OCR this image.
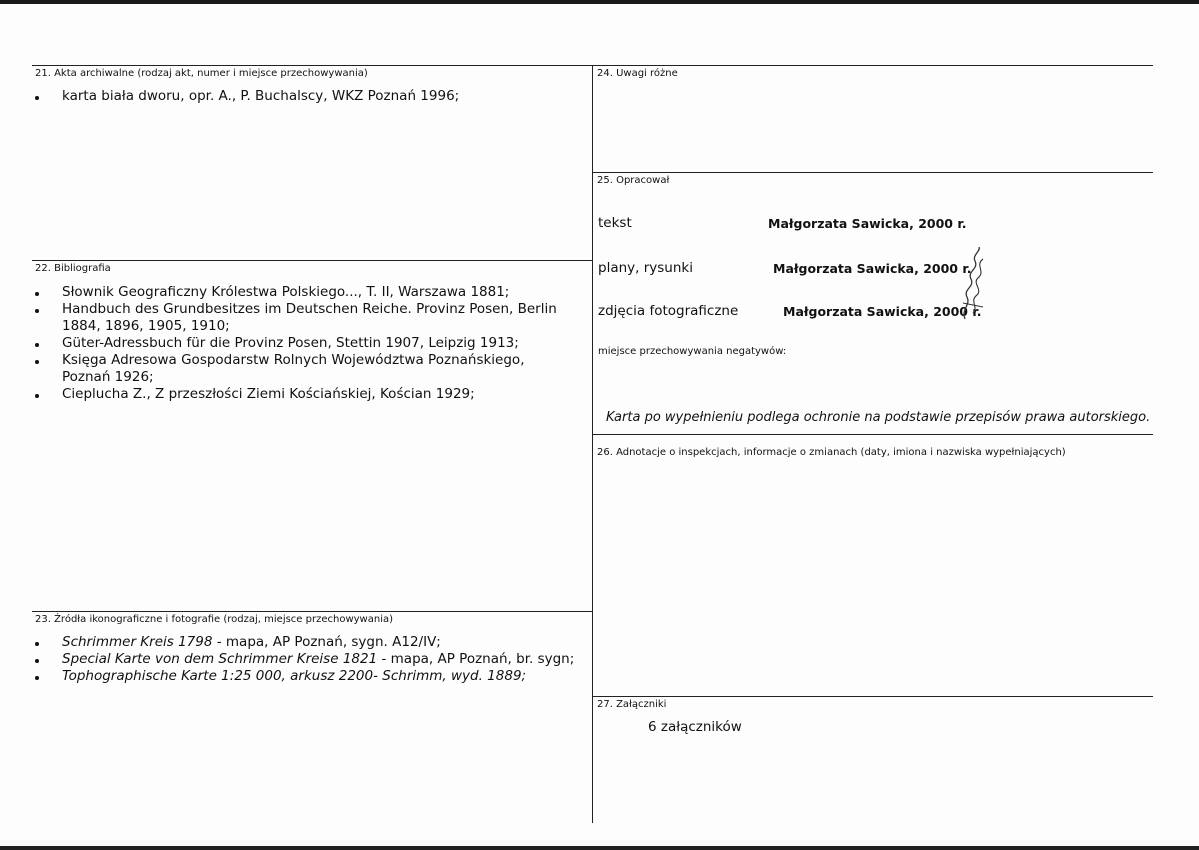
21. Akta archiwalne (rodzaj akt, numer i miejsce przechowywania)
karta biała dworu, opr. A., P. Buchalscy, WKZ Poznań 1996;
22. Bibliografia
Słownik Geograficzny Królestwa Polskiego..., T. II, Warszawa 1881;
Handbuch des Grundbesitzes im Deutschen Reiche. Provinz Posen, Berlin 1884, 1896, 1905, 1910;
Güter-Adressbuch für die Provinz Posen, Stettin 1907, Leipzig 1913;
Księga Adresowa Gospodarstw Rolnych Województwa Poznańskiego, Poznań 1926;
Cieplucha Z., Z przeszłości Ziemi Kościańskiej, Kościan 1929;
23. Źródła ikonograficzne i fotografie (rodzaj, miejsce przechowywania)
Schrimmer Kreis 1798 - mapa, AP Poznań, sygn. A12/IV;
Special Karte von dem Schrimmer Kreise 1821 - mapa, AP Poznań, br. sygn;
Tophographische Karte 1:25 000, arkusz 2200- Schrimm, wyd. 1889;
24. Uwagi różne
25. Opracował
tekst	Małgorzata Sawicka, 2000 r.
plany, rysunki	Małgorzata Sawicka, 2000 r.
zdjęcia fotograficzne	Małgorzata Sawicka, 2000 r.
miejsce przechowywania negatywów:
Karta po wypełnieniu podlega ochronie na podstawie przepisów prawa autorskiego.
26. Adnotacje o inspekcjach, informacje o zmianach (daty, imiona i nazwiska wypełniających)
27. Załączniki
6 załączników
